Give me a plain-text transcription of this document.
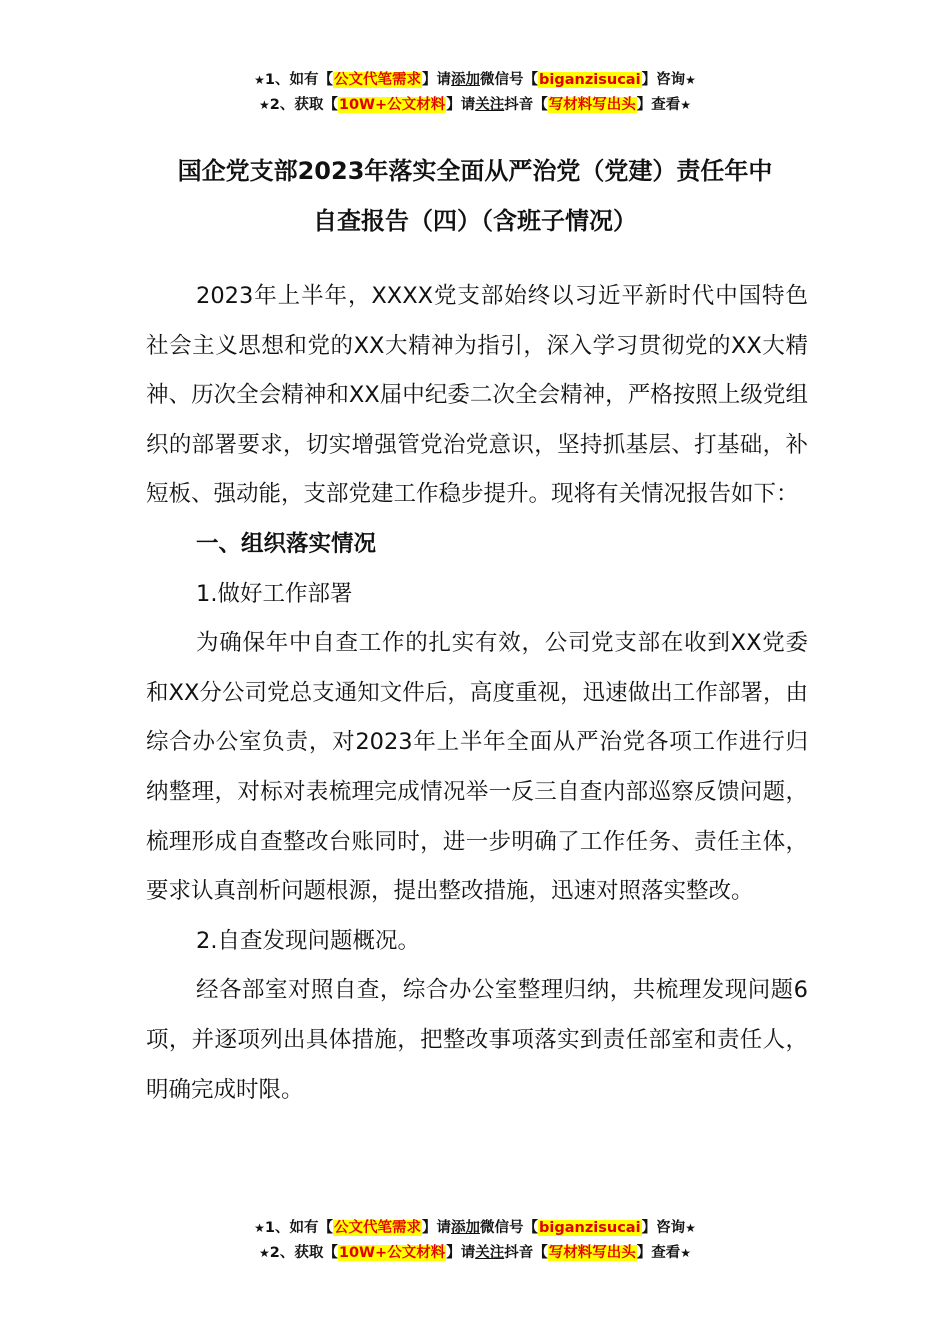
★1、如有【公文代笔需求】请添加微信号【biganzisucai】咨询★
★2、获取【10W+公文材料】请关注抖音【写材料写出头】查看★
国企党支部2023年落实全面从严治党（党建）责任年中
自查报告（四）（含班子情况）

2023年上半年，XXXX党支部始终以习近平新时代中国特色社会主义思想和党的XX大精神为指引，深入学习贯彻党的XX大精神、历次全会精神和XX届中纪委二次全会精神，严格按照上级党组织的部署要求，切实增强管党治党意识，坚持抓基层、打基础，补短板、强动能，支部党建工作稳步提升。现将有关情况报告如下：

一、组织落实情况

1.做好工作部署

为确保年中自查工作的扎实有效，公司党支部在收到XX党委和XX分公司党总支通知文件后，高度重视，迅速做出工作部署，由综合办公室负责，对2023年上半年全面从严治党各项工作进行归纳整理，对标对表梳理完成情况举一反三自查内部巡察反馈问题，梳理形成自查整改台账同时，进一步明确了工作任务、责任主体，要求认真剖析问题根源，提出整改措施，迅速对照落实整改。

2.自查发现问题概况。

经各部室对照自查，综合办公室整理归纳，共梳理发现问题6项，并逐项列出具体措施，把整改事项落实到责任部室和责任人，明确完成时限。

★1、如有【公文代笔需求】请添加微信号【biganzisucai】咨询★
★2、获取【10W+公文材料】请关注抖音【写材料写出头】查看★
